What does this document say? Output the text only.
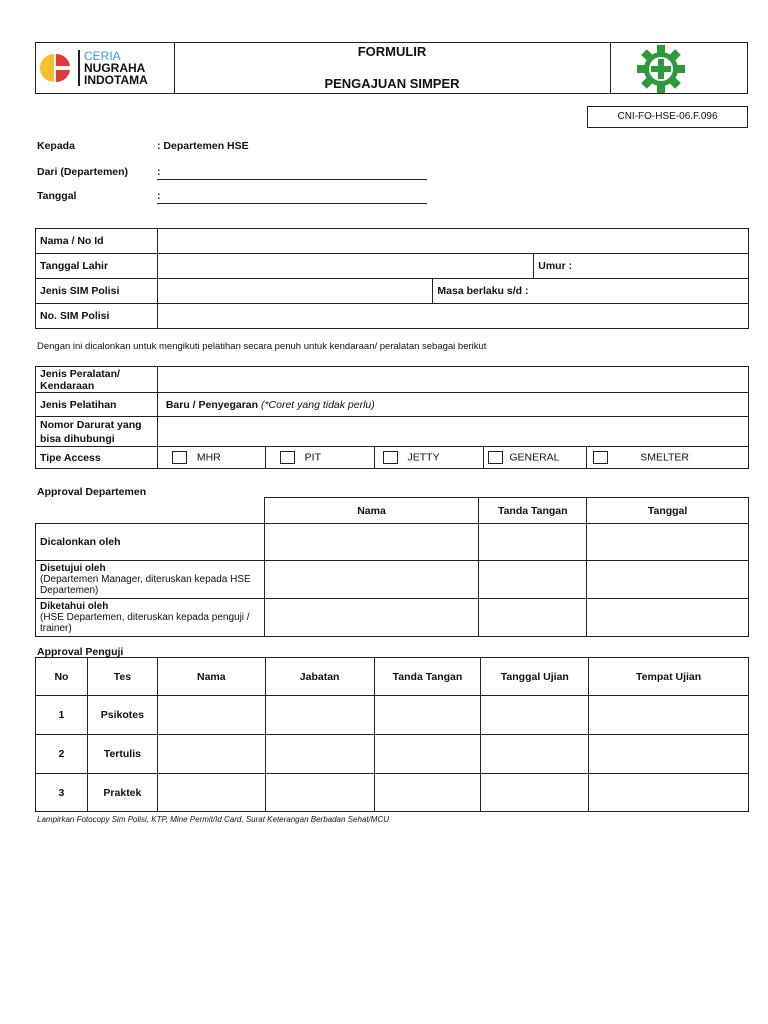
CERIA
NUGRAHA
INDOTAMA
FORMULIR
PENGAJUAN SIMPER
CNI-FO-HSE-06.F.096
Kepada	: Departemen HSE
Dari (Departemen)	:
Tanggal	:
Nama / No Id			
Tanggal Lahir			Umur :
Jenis SIM Polisi		Masa berlaku s/d :	
No. SIM Polisi			
Dengan ini dicalonkan untuk mengikuti pelatihan secara penuh untuk kendaraan/ peralatan sebagai berikut
Jenis Peralatan/ Kendaraan					
Jenis Pelatihan	Baru / Penyegaran (*Coret yang tidak perlu)				
Nomor Darurat yang bisa dihubungi					
Tipe Access	MHR	PIT	JETTY	GENERAL	SMELTER
Approval Departemen
	Nama	Tanda Tangan	Tanggal
Dicalonkan oleh			

Disetujui oleh
(Departemen Manager, diteruskan kepada HSE Departemen)			

Diketahui oleh
(HSE Departemen, diteruskan kepada penguji / trainer)			

Approval Penguji
No	Tes	Nama	Jabatan	Tanda Tangan	Tanggal Ujian	Tempat Ujian
1	Psikotes					
2	Tertulis					
3	Praktek					
Lampirkan Fotocopy Sim Polisi, KTP, Mine Permit/Id Card, Surat Keterangan Berbadan Sehat/MCU
